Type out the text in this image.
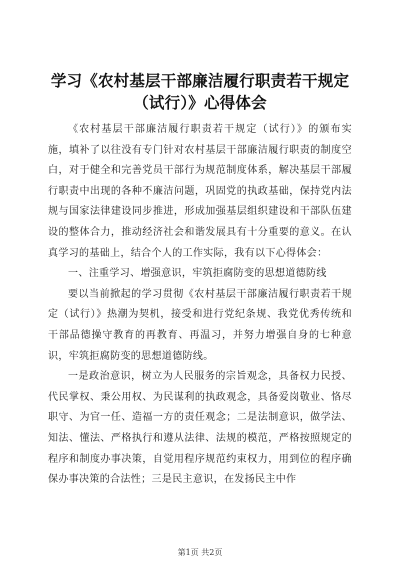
学习《农村基层干部廉洁履行职责若干规定
（试行）》心得体会

《农村基层干部廉洁履行职责若干规定（试行）》的颁布实施，填补了以往没有专门针对农村基层干部廉洁履行职责的制度空白，对于健全和完善党员干部行为规范制度体系，解决基层干部履行职责中出现的各种不廉洁问题，巩固党的执政基础，保持党内法规与国家法律建设同步推进，形成加强基层组织建设和干部队伍建设的整体合力，推动经济社会和谐发展具有十分重要的意义。在认真学习的基础上，结合个人的工作实际，我有以下心得体会：

一、注重学习、增强意识，牢筑拒腐防变的思想道德防线

要以当前掀起的学习贯彻《农村基层干部廉洁履行职责若干规定（试行）》热潮为契机，接受和进行党纪条规、我党优秀传统和干部品德操守教育的再教育、再温习，并努力增强自身的七种意识，牢筑拒腐防变的思想道德防线。

一是政治意识，树立为人民服务的宗旨观念，具备权力民授、代民掌权、秉公用权、为民谋利的执政观念，具备爱岗敬业、恪尽职守、为官一任、造福一方的责任观念；二是法制意识，做学法、知法、懂法、严格执行和遵从法律、法规的模范，严格按照规定的程序和制度办事决策，自觉用程序规范约束权力，用到位的程序确保办事决策的合法性；三是民主意识，在发扬民主中作

第1页 共2页
